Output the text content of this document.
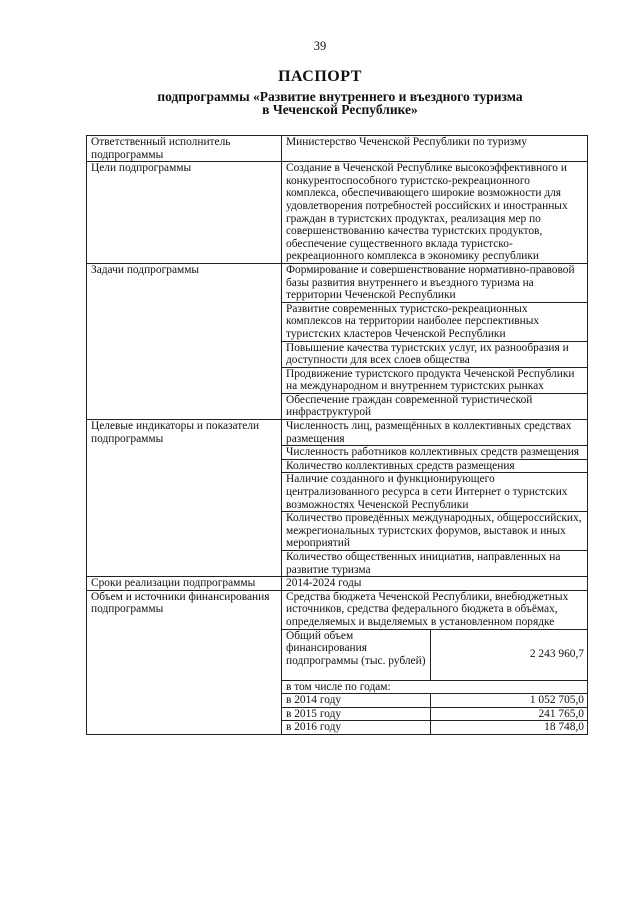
39
ПАСПОРТ
подпрограммы «Развитие внутреннего и въездного туризма
в Чеченской Республике»
Ответственный исполнитель подпрограммы	Министерство Чеченской Республики по туризму
Цели подпрограммы	Создание в Чеченской Республике высокоэффективного и конкурентоспособного туристско-рекреационного комплекса, обеспечивающего широкие возможности для удовлетворения потребностей российских и иностранных граждан в туристских продуктах, реализация мер по совершенствованию качества туристских продуктов, обеспечение существенного вклада туристско-рекреационного комплекса в экономику республики
Задачи подпрограммы	Формирование и совершенствование нормативно-правовой базы развития внутреннего и въездного туризма на территории Чеченской Республики
Развитие современных туристско-рекреационных комплексов на территории наиболее перспективных туристских кластеров Чеченской Республики
Повышение качества туристских услуг, их разнообразия и доступности для всех слоев общества
Продвижение туристского продукта Чеченской Республики на международном и внутреннем туристских рынках
Обеспечение граждан современной туристической инфраструктурой
Целевые индикаторы и показатели подпрограммы	Численность лиц, размещённых в коллективных средствах размещения
Численность работников коллективных средств размещения
Количество коллективных средств размещения
Наличие созданного и функционирующего централизованного ресурса в сети Интернет о туристских возможностях Чеченской Республики
Количество проведённых международных, общероссийских, межрегиональных туристских форумов, выставок и иных мероприятий
Количество общественных инициатив, направленных на развитие туризма
Сроки реализации подпрограммы	2014-2024 годы
Объем и источники финансирования подпрограммы	Средства бюджета Чеченской Республики, внебюджетных источников, средства федерального бюджета в объёмах, определяемых и выделяемых в установленном порядке

Общий объем финансирования подпрограммы (тыс. рублей)	2 243 960,7
в том числе по годам:
в 2014 году	1 052 705,0
в 2015 году	241 765,0
в 2016 году	18 748,0
